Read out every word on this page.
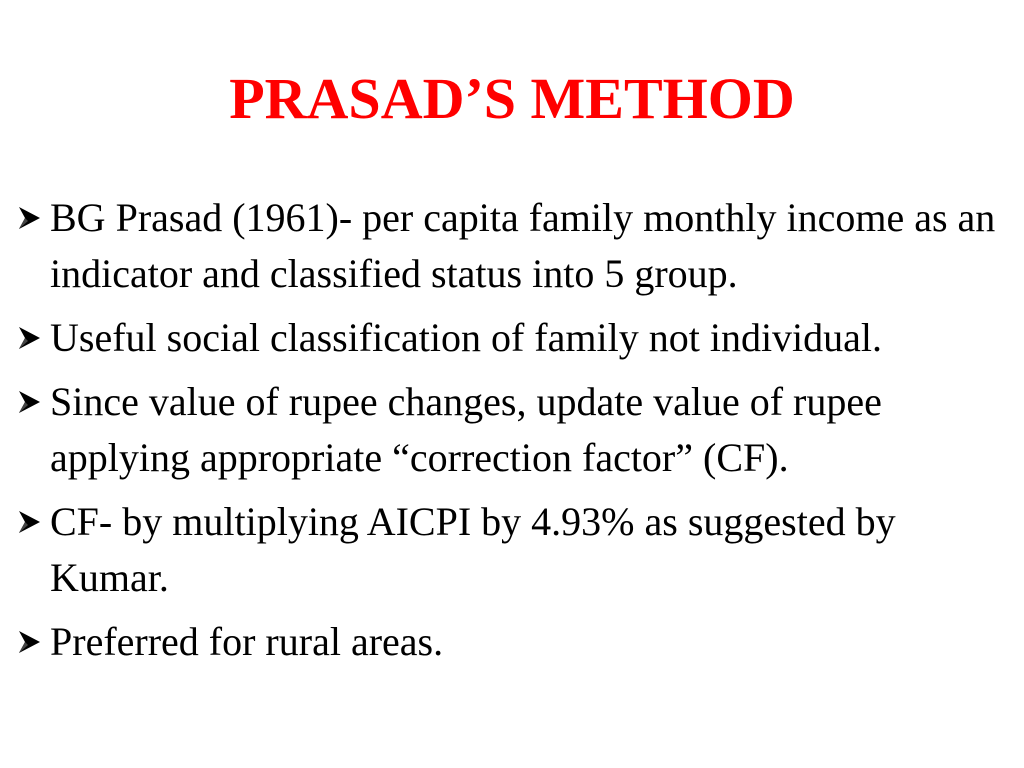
PRASAD’S METHOD
BG Prasad (1961)- per capita family monthly income as an indicator and classified status into 5 group.
Useful social classification of family not individual.
Since value of rupee changes, update value of rupee applying appropriate “correction factor” (CF).
CF- by multiplying AICPI by 4.93% as suggested by Kumar.
Preferred for rural areas.
